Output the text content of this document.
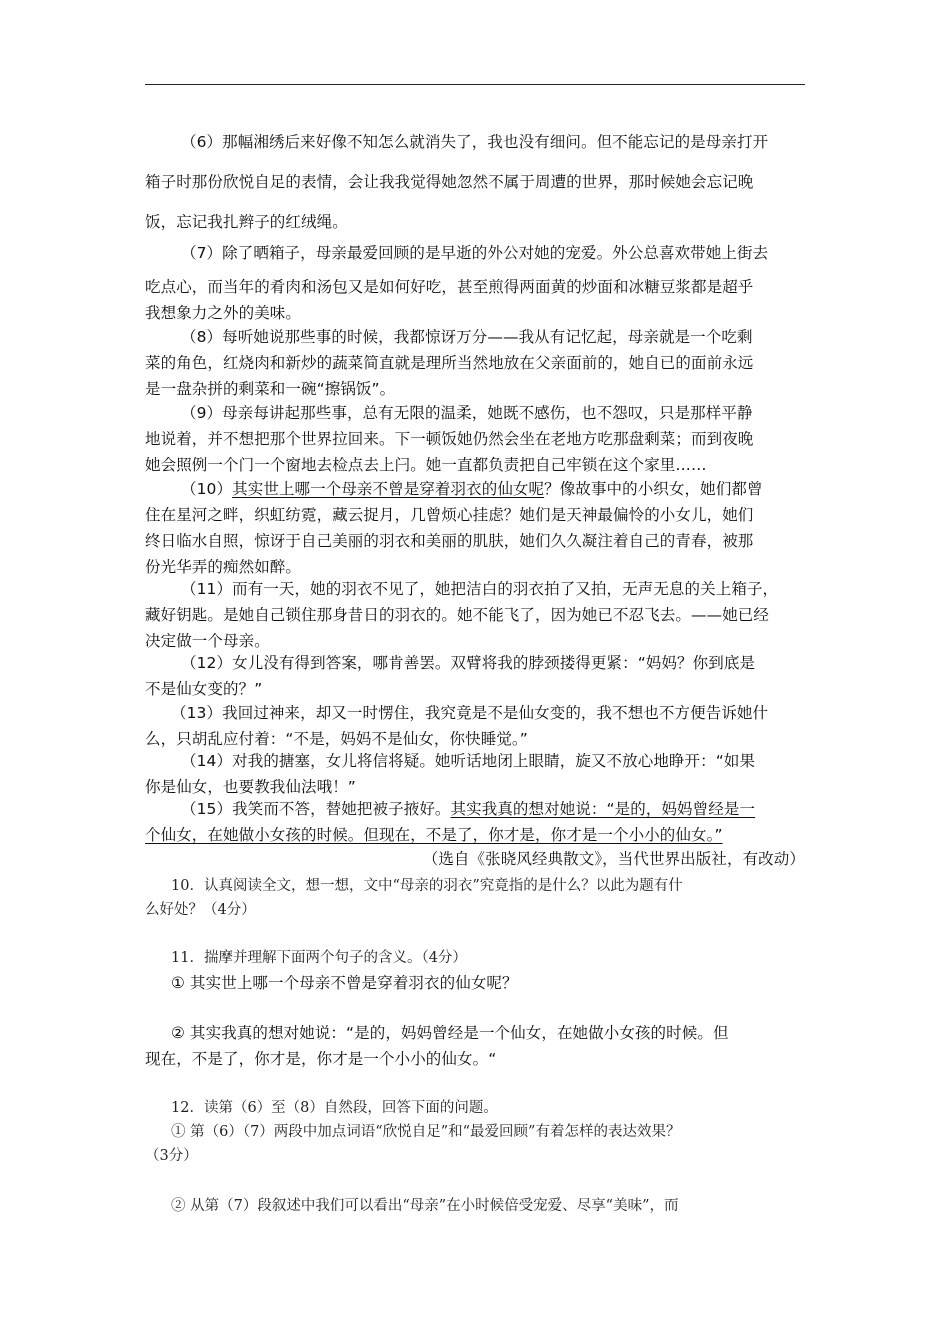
（6）那幅湘绣后来好像不知怎么就消失了，我也没有细问。但不能忘记的是母亲打开
箱子时那份欣悦自足的表情，会让我我觉得她忽然不属于周遭的世界，那时候她会忘记晚
饭，忘记我扎辫子的红绒绳。
（7）除了晒箱子，母亲最爱回顾的是早逝的外公对她的宠爱。外公总喜欢带她上街去
吃点心，而当年的肴肉和汤包又是如何好吃，甚至煎得两面黄的炒面和冰糖豆浆都是超乎
我想象力之外的美味。
（8）每听她说那些事的时候，我都惊讶万分——我从有记忆起，母亲就是一个吃剩
菜的角色，红烧肉和新炒的蔬菜简直就是理所当然地放在父亲面前的，她自已的面前永远
是一盘杂拼的剩菜和一碗“擦锅饭”。
（9）母亲每讲起那些事，总有无限的温柔，她既不感伤，也不怨叹，只是那样平静
地说着，并不想把那个世界拉回来。下一顿饭她仍然会坐在老地方吃那盘剩菜；而到夜晚
她会照例一个门一个窗地去检点去上闩。她一直都负责把自己牢锁在这个家里……
（10）其实世上哪一个母亲不曾是穿着羽衣的仙女呢？像故事中的小织女，她们都曾
住在星河之畔，织虹纺霓，藏云捉月，几曾烦心挂虑？她们是天神最偏怜的小女儿，她们
终日临水自照，惊讶于自己美丽的羽衣和美丽的肌肤，她们久久凝注着自己的青春，被那
份光华弄的痴然如醉。
（11）而有一天，她的羽衣不见了，她把洁白的羽衣拍了又拍，无声无息的关上箱子，
藏好钥匙。是她自己锁住那身昔日的羽衣的。她不能飞了，因为她已不忍飞去。——她已经
决定做一个母亲。
（12）女儿没有得到答案，哪肯善罢。双臂将我的脖颈搂得更紧：“妈妈？你到底是
不是仙女变的？”
（13）我回过神来，却又一时愣住，我究竟是不是仙女变的，我不想也不方便告诉她什
么，只胡乱应付着：“不是，妈妈不是仙女，你快睡觉。”
（14）对我的搪塞，女儿将信将疑。她听话地闭上眼睛，旋又不放心地睁开：“如果
你是仙女，也要教我仙法哦！”
（15）我笑而不答，替她把被子掖好。其实我真的想对她说：“是的，妈妈曾经是一
个仙女，在她做小女孩的时候。但现在，不是了，你才是，你才是一个小小的仙女。”
（选自《张晓风经典散文》，当代世界出版社，有改动）
10．认真阅读全文，想一想，文中“母亲的羽衣”究竟指的是什么？以此为题有什
么好处？（4分）
11．揣摩并理解下面两个句子的含义。（4分）
① 其实世上哪一个母亲不曾是穿着羽衣的仙女呢？
② 其实我真的想对她说：“是的，妈妈曾经是一个仙女，在她做小女孩的时候。但
现在，不是了，你才是，你才是一个小小的仙女。“
12．读第（6）至（8）自然段，回答下面的问题。
① 第（6）（7）两段中加点词语“欣悦自足”和“最爱回顾”有着怎样的表达效果？
（3分）
② 从第（7）段叙述中我们可以看出“母亲”在小时候倍受宠爱、尽享“美味”，而
